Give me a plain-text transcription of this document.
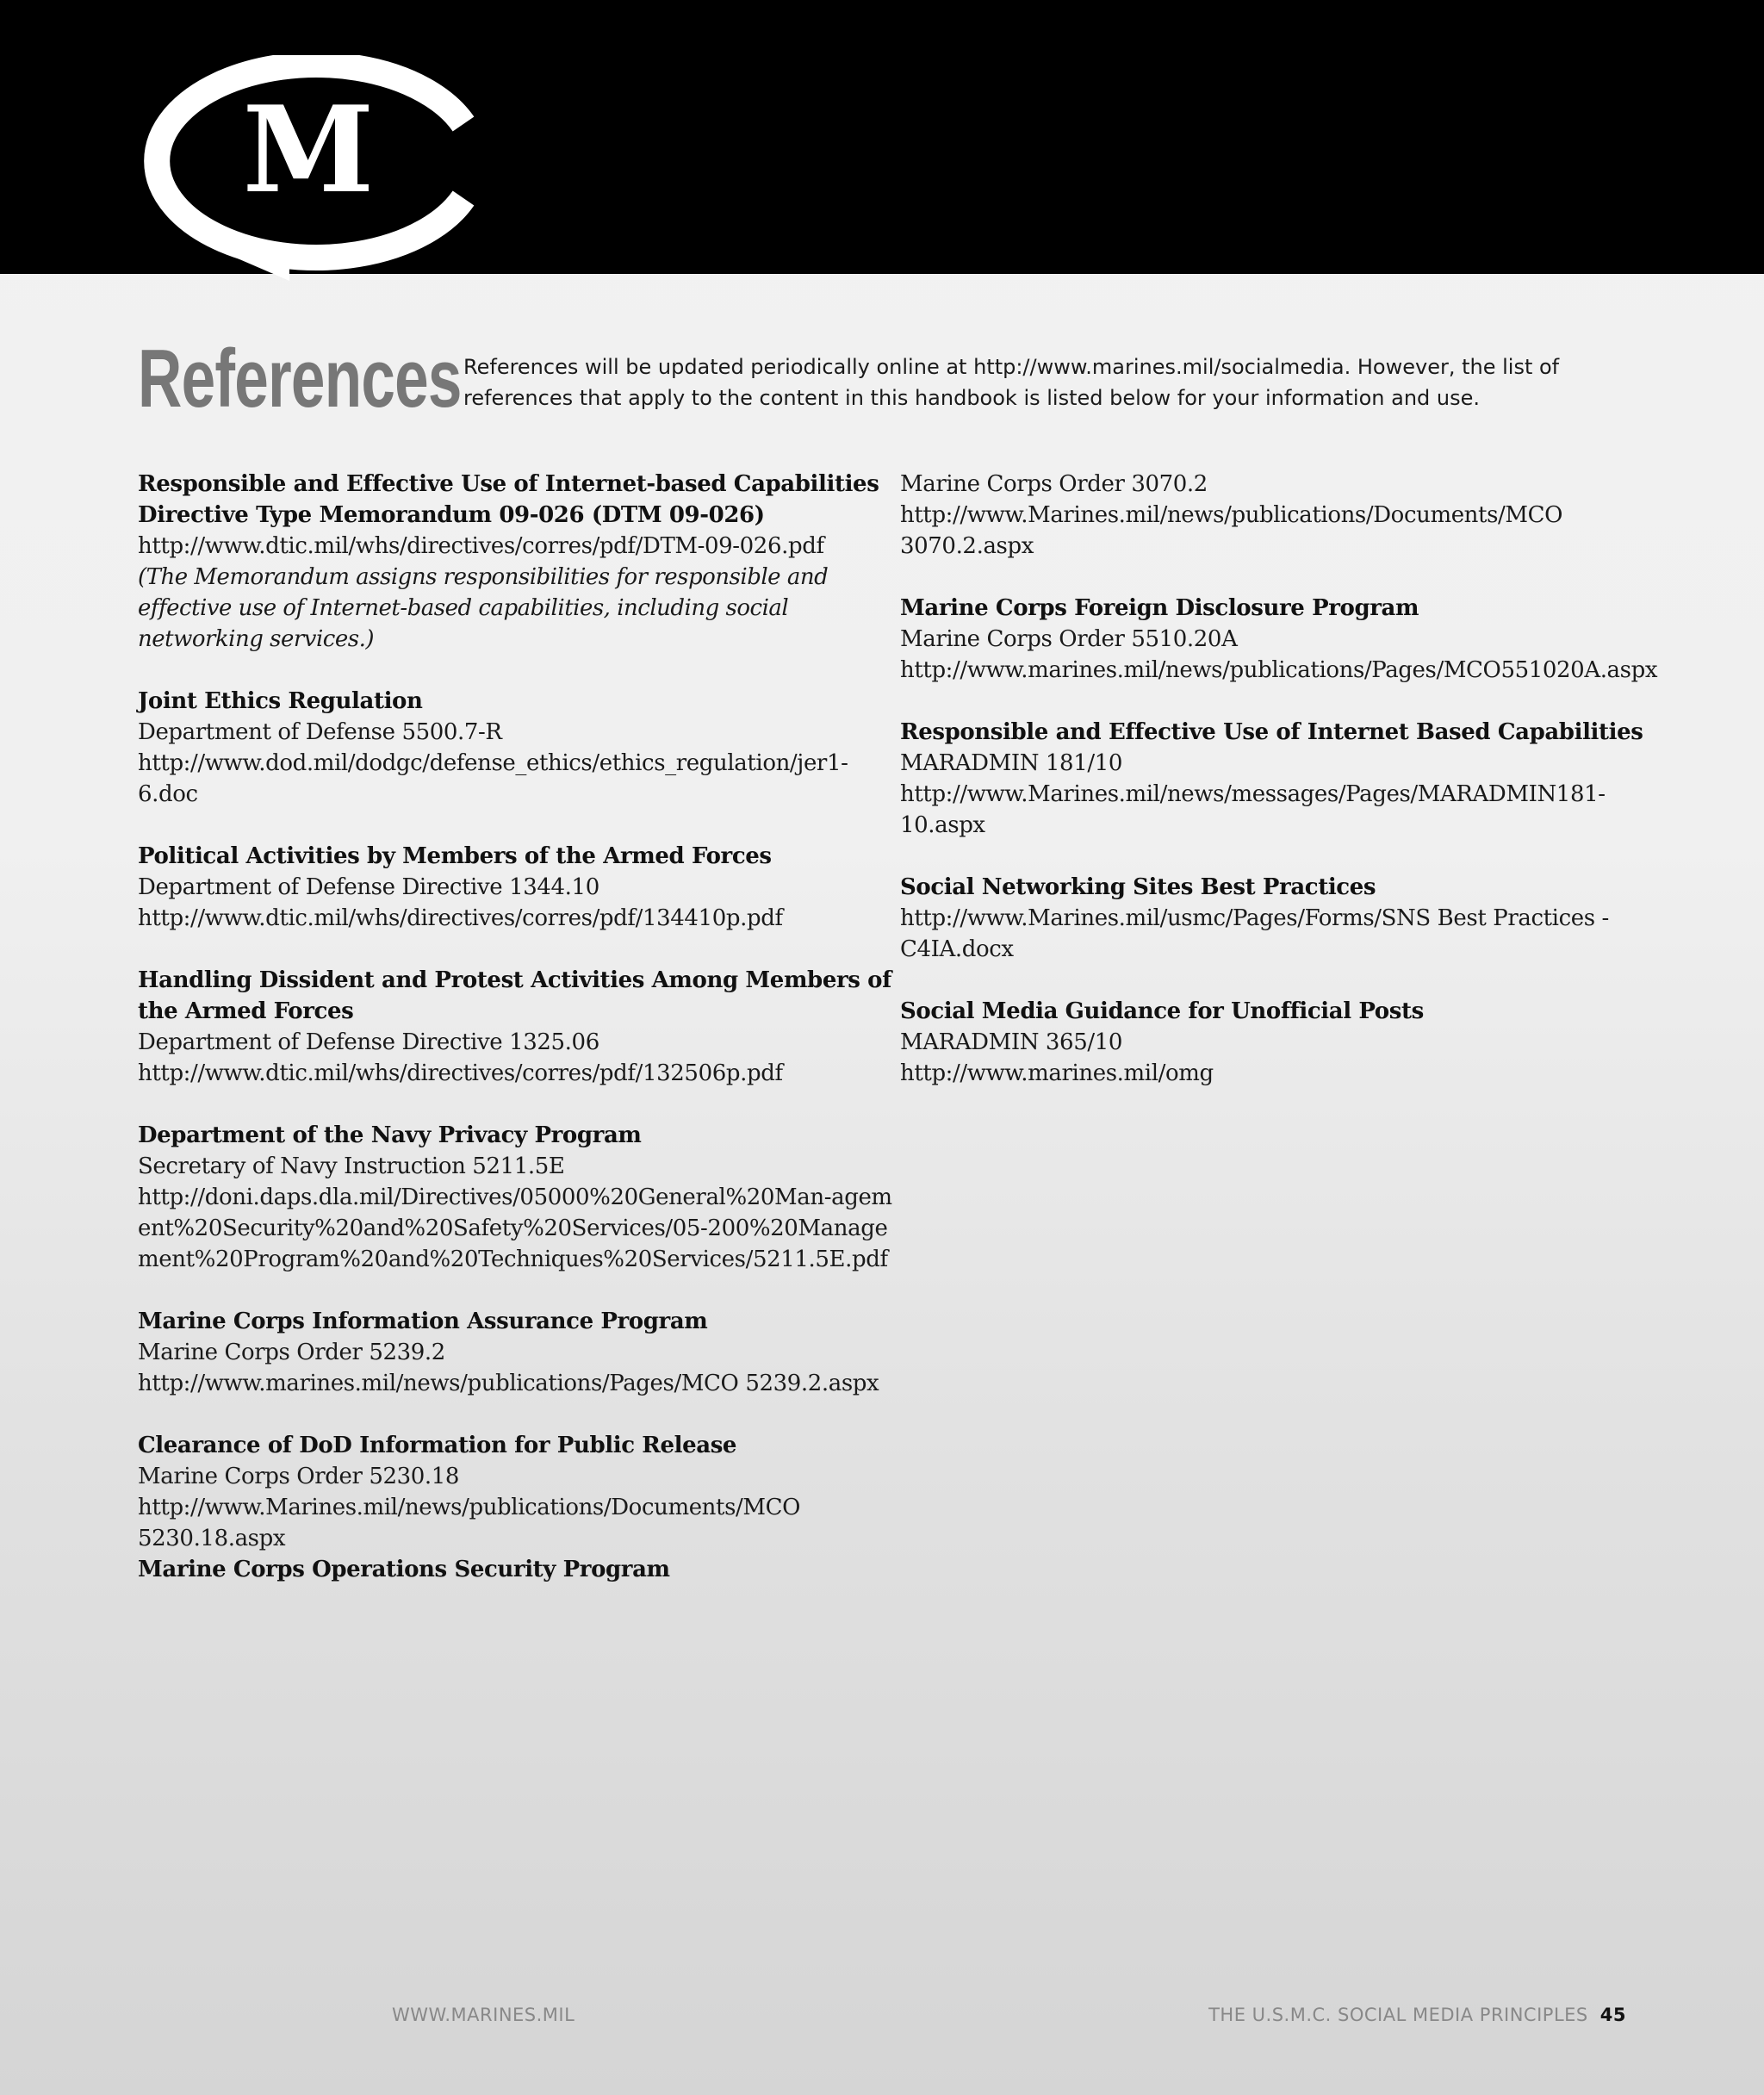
M
References References will be updated periodically online at http://www.marines.mil/socialmedia. However, the list of references that apply to the content in this handbook is listed below for your information and use.
Responsible and Effective Use of Internet-based Capabilities Directive Type Memorandum 09-026 (DTM 09-026)
http://www.dtic.mil/whs/directives/corres/pdf/DTM-09-026.pdf
(The Memorandum assigns responsibilities for responsible and effective use of Internet-based capabilities, including social networking services.)
Joint Ethics Regulation
Department of Defense 5500.7-R
http://www.dod.mil/dodgc/defense_ethics/ethics_regulation/jer1-6.doc
Political Activities by Members of the Armed Forces
Department of Defense Directive 1344.10
http://www.dtic.mil/whs/directives/corres/pdf/134410p.pdf
Handling Dissident and Protest Activities Among Members of the Armed Forces
Department of Defense Directive 1325.06
http://www.dtic.mil/whs/directives/corres/pdf/132506p.pdf
Department of the Navy Privacy Program
Secretary of Navy Instruction 5211.5E
http://doni.daps.dla.mil/Directives/05000%20General%20Man-agement%20Security%20and%20Safety%20Services/05-200%20Management%20Program%20and%20Techniques%20Services/5211.5E.pdf
Marine Corps Information Assurance Program
Marine Corps Order 5239.2
http://www.marines.mil/news/publications/Pages/MCO 5239.2.aspx
Clearance of DoD Information for Public Release
Marine Corps Order 5230.18
http://www.Marines.mil/news/publications/Documents/MCO 5230.18.aspx
Marine Corps Operations Security Program
Marine Corps Order 3070.2
http://www.Marines.mil/news/publications/Documents/MCO 3070.2.aspx
Marine Corps Foreign Disclosure Program
Marine Corps Order 5510.20A
http://www.marines.mil/news/publications/Pages/MCO551020A.aspx
Responsible and Effective Use of Internet Based Capabilities
MARADMIN 181/10
http://www.Marines.mil/news/messages/Pages/MARADMIN181-10.aspx
Social Networking Sites Best Practices
http://www.Marines.mil/usmc/Pages/Forms/SNS Best Practices - C4IA.docx
Social Media Guidance for Unofficial Posts
MARADMIN 365/10
http://www.marines.mil/omg
WWW.MARINES.MIL	THE U.S.M.C. SOCIAL MEDIA PRINCIPLES 45
